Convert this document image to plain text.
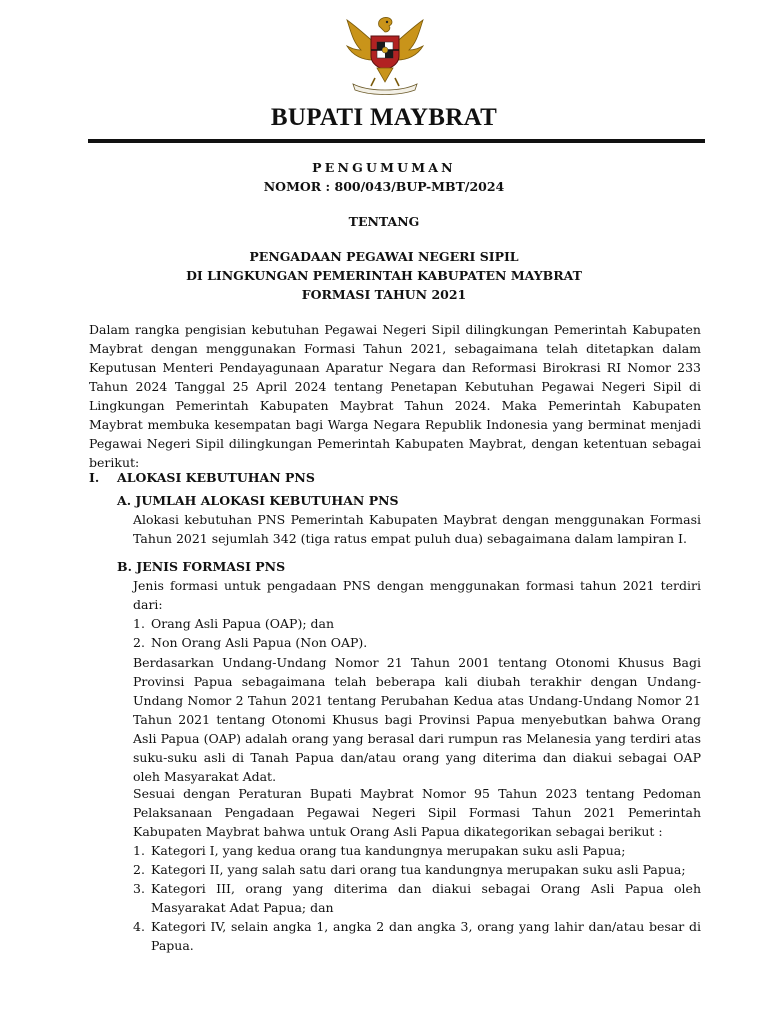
BUPATI MAYBRAT
PENGUMUMAN
NOMOR : 800/043/BUP-MBT/2024
TENTANG
PENGADAAN PEGAWAI NEGERI SIPIL
DI LINGKUNGAN PEMERINTAH KABUPATEN MAYBRAT
FORMASI TAHUN 2021

Dalam rangka pengisian kebutuhan Pegawai Negeri Sipil dilingkungan Pemerintah Kabupaten Maybrat dengan menggunakan Formasi Tahun 2021, sebagaimana telah ditetapkan dalam Keputusan Menteri Pendayagunaan Aparatur Negara dan Reformasi Birokrasi RI Nomor 233 Tahun 2024 Tanggal 25 April 2024 tentang Penetapan Kebutuhan Pegawai Negeri Sipil di Lingkungan Pemerintah Kabupaten Maybrat Tahun 2024. Maka Pemerintah Kabupaten Maybrat membuka kesempatan bagi Warga Negara Republik Indonesia yang berminat menjadi Pegawai Negeri Sipil dilingkungan Pemerintah Kabupaten Maybrat, dengan ketentuan sebagai berikut:

I. ALOKASI KEBUTUHAN PNS
A. JUMLAH ALOKASI KEBUTUHAN PNS

Alokasi kebutuhan PNS Pemerintah Kabupaten Maybrat dengan menggunakan Formasi Tahun 2021 sejumlah 342 (tiga ratus empat puluh dua) sebagaimana dalam lampiran I.

B. JENIS FORMASI PNS

Jenis formasi untuk pengadaan PNS dengan menggunakan formasi tahun 2021 terdiri dari:

1. Orang Asli Papua (OAP); dan
2. Non Orang Asli Papua (Non OAP).

Berdasarkan Undang-Undang Nomor 21 Tahun 2001 tentang Otonomi Khusus Bagi Provinsi Papua sebagaimana telah beberapa kali diubah terakhir dengan Undang-Undang Nomor 2 Tahun 2021 tentang Perubahan Kedua atas Undang-Undang Nomor 21 Tahun 2021 tentang Otonomi Khusus bagi Provinsi Papua menyebutkan bahwa Orang Asli Papua (OAP) adalah orang yang berasal dari rumpun ras Melanesia yang terdiri atas suku-suku asli di Tanah Papua dan/atau orang yang diterima dan diakui sebagai OAP oleh Masyarakat Adat.

Sesuai dengan Peraturan Bupati Maybrat Nomor 95 Tahun 2023 tentang Pedoman Pelaksanaan Pengadaan Pegawai Negeri Sipil Formasi Tahun 2021 Pemerintah Kabupaten Maybrat bahwa untuk Orang Asli Papua dikategorikan sebagai berikut :

1. Kategori I, yang kedua orang tua kandungnya merupakan suku asli Papua;
2. Kategori II, yang salah satu dari orang tua kandungnya merupakan suku asli Papua;
3. Kategori III, orang yang diterima dan diakui sebagai Orang Asli Papua oleh Masyarakat Adat Papua; dan
4. Kategori IV, selain angka 1, angka 2 dan angka 3, orang yang lahir dan/atau besar di Papua.
